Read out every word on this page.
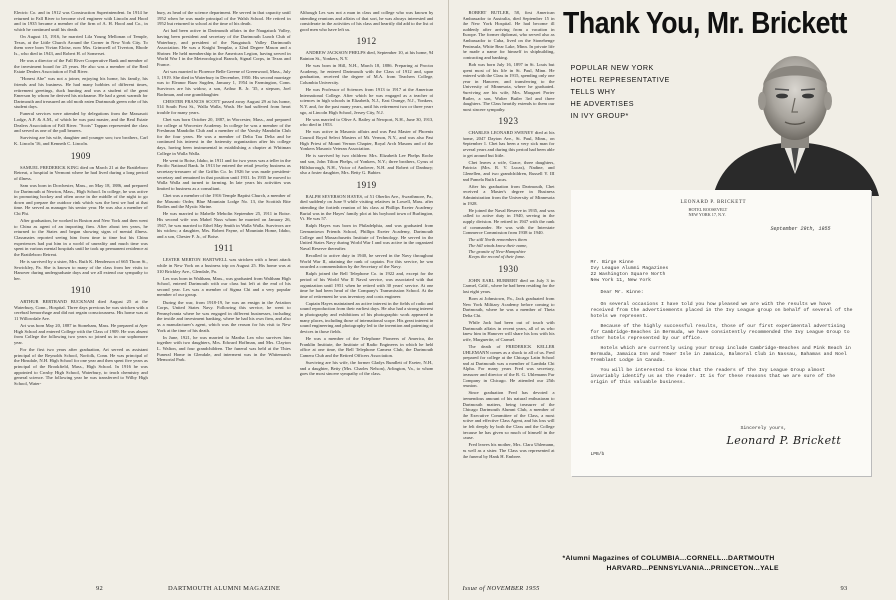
Electric Co. and in 1912 was Construction Superintendent. In 1914 he returned to Fall River to become civil engineer with Lincoln and Hood and in 1935 became a member of the firm of A. H. Hood and Co., in which he continued until his death.

On August 15, 1916, he married Lila Young Mellonan of Temple, Texas, at the Little Church Around the Corner in New York City. To them were born Vivian Eloise, now Mrs. Grimwell of Tiverton, Rhode Is., who died in 1943, and Robert H. of Somerset.

He was a director of the Fall River Cooperative Bank and member of the investment board for 25 years. He also was a member of the Real Estate Dealers Association of Fall River.

"Honest Abe" was not a joiner, enjoying his home, his family, his friends and his business. He had many hobbies of different times, retirement greetings, duck hunting and was a student of the great Emerson by whom he derived his nickname. He had a great warmth for Dartmouth and treasured an old moth eaten Dartmouth green robe of his student days.

Funeral services were attended by delegations from the Massasoit Lodge, A.F. & A.M., of which he was past master, and the Real Estate Dealers Association of Fall River. "Scots" Tappan represented the class and served as one of the pall bearers.

Surviving are his wife, daughter and younger son; two brothers, Carl K. Lincoln '16, and Kenneth C. Lincoln.

1909

SAMUEL FREDERICK KING died on March 21 at the Brattleboro Retreat, a hospital in Vermont where he had lived during a long period of illness.

Sam was born in Dorchester, Mass., on May 18, 1886, and prepared for Dartmouth at Newton, Mass., High School. In college, he was active in promoting hockey and often arose in the middle of the night to go down and prepare the outdoor rink which was the best we had at that time. He served as manager his senior year. He was also a member of Chi Phi.

After graduation, he worked in Boston and New York and then went to China as agent of an importing firm. After about ten years, he returned to the States and began showing signs of mental illness. Classmates reported seeing him from time to time but his China experiences had put him in a world of unreality and much time was spent in various mental hospitals until he took up permanent residence at the Brattleboro Retreat.

He is survived by a sister, Mrs. Ruth K. Henderson of 665 Thorn St., Sewickley, Pa. She is known to many of the class from her visits to Hanover during undergraduate days and we all extend our sympathy to her.

1910

ARTHUR BERTRAND BUCKNAM died August 25 at the Waterbury, Conn., Hospital. Three days previous he was stricken with a cerebral hemorrhage and did not regain consciousness. His home was at 11 Willowdale Ave.

Art was born May 20, 1887 in Stoneham, Mass. He prepared at Ayer High School and entered College with the Class of 1909. He was absent from College the following two years so joined us in our sophomore year.

For the first two years after graduation, Art served as assistant principal of the Reynolds School, Norfolk, Conn. He was principal of the Hinsdale, N.H. High School for one year and then spent five years as principal of the Brookfield, Mass., High School. In 1916 he was appointed to Crosby High School, Waterbury, to teach chemistry and general science. The following year he was transferred to Wilby High School, Water-

bury, as head of the science department. He served in that capacity until 1952 when he was made principal of the Walsh School. He retired in 1952 but returned to school at the time of his death.

Art had been active in Dartmouth affairs in the Naugatuck Valley, having been president and secretary of the Dartmouth Lunch Club of Waterbury, and president of the Naugatuck Valley Dartmouth Association. He was a Knight Templar, a 32nd Degree Mason and a Shriner. He held membership in the American Legion, having served in World War I in the Meteorological Branch, Signal Corps, in Texas and France.

Art was married to Florence Belle Greene of Greenwood, Mass., July 1, 1919. She died in Waterbury in December, 1950. His second marriage was to Eleanor Bazo Sugden, January 1, 1954 in Farmington, Conn. Survivors are his widow, a son, Arthur B. Jr. '35, a stepson, Joel Bachman, and one granddaughter.

CHESTER FRANCIS SCOTT passed away August 29 at his home, 514 South First St., Walla Walla, Wash. He had suffered from heart trouble for many years.

Chet was born October 20, 1887, in Worcester, Mass., and prepared for college at Worcester Academy. In college he was a member of the Freshman Mandolin Club and a member of the Varsity Mandolin Club for the four years. He was a member of Delta Tau Delta and he continued his interest in the fraternity organization after his college days, having been instrumental in establishing a chapter at Whitman College in Walla Walla.

He went to Boise, Idaho, in 1911 and for two years was a teller in the Pacific National Bank. In 1913 he entered the retail jewelry business as secretary-treasurer of the Griffin Co. In 1926 he was made president-secretary and remained in that position until 1931. In 1935 he moved to Walla Walla and turned to farming. In late years his activities was limited to business as a consultant.

Chet was a member of the 1916 Temple Baptist Church, a member of the Masonic Order, Blue Mountain Lodge No. 13, the Scottish Rite Bodies and the Mystic Shrine.

He was married to Mabelle Mebolin September 25, 1911 in Boise. His second wife was Mabel Nuss whom he married on January 26, 1947, he was married to Ethel May Smith in Walla Walla. Survivors are his widow; a daughter, Mrs. Robert Payne, of Mountain Home, Idaho, and a son, Chester F. Jr., of Boise.

1911

LESTER MERTON HARTWELL was stricken with a heart attack while in New York on a business trip on August 25. His home was at 310 Brickley Ave., Glendale, Pa.

Les was born in Waltham, Mass., was graduated from Waltham High School, entered Dartmouth with our class but left at the end of his second year. Les was a member of Sigma Chi and a very popular member of our group.

During the war, from 1918-19, he was an ensign in the Aviation Corps, United States Navy. Following this service, he went to Pennsylvania where he was engaged in different businesses, including the textile and investment banking, where he had his own firm, and also as a manufacturer's agent, which was the reason for his visit to New York at the time of his death.

In June, 1921, he was married to Martha Lea who survives him together with two daughters, Mrs. Edward Hoffman, and Mrs. Clayton L. Walton, and four grandchildren. The funeral was held at the Thies Funeral Home in Glendale, and interment was in the Whitemarsh Memorial Park.

Although Les was not a man in class and college who was known by attending reunions and affairs of that sort, he was always interested and considerate in the activities of his class and heartily did add to the list of good men who have left us.

1912

ANDREW JACKSON PHELPS died, September 10, at his home, 94 Bainton St., Yonkers, N.Y.

He was born in Hill, N.H., March 18, 1886. Preparing at Proctor Academy, he entered Dartmouth with the Class of 1912 and, upon graduation, received the degree of M.A. from Teachers College, Columbia University.

He was Professor of Sciences from 1913 to 1917 at the American International College. After which he was engaged as a teacher of sciences in high schools in Elizabeth, N.J., East Orange, N.J., Yonkers, N.Y. and, for the past many years, until his retirement two or three years ago, at Lincoln High School, Jersey City, N.J.

He was married to Olive A. Bailey at Newport, N.H., June 30, 1913, who died in 1953.

He was active in Masonic affairs and was Past Master of Phoenix Council Royal Select Masters of Mt. Vernon, N.Y., and was also Past High Priest of Mount Vernon Chapter, Royal Arch Masons and of the Yonkers Masonic Veteran Association.

He is survived by two children: Mrs. Elizabeth Lee Phelps Roche and son, John Tilton Phelps, of Yonkers, N.Y.; three brothers, Cyrus of Hillsborough, N.H., Victor of Andover, N.H. and Robert of Danbury; also a foster daughter, Mrs. Betty G. Bubier.

1919

RALPH SEVERSON HAYES, of 51 Oberlin Ave., Swarthmore, Pa., died suddenly on June 9 while visiting relatives in Lowell, Mass. after attending the fortieth reunion of his class at Phillips Exeter Academy. Burial was in the Hayes' family plot at his boyhood town of Burlington, Vt. He was 57.

Ralph Hayes was born in Philadelphia, and was graduated from Germantown Friends School, Phillips Exeter Academy, Dartmouth College and Massachusetts Institute of Technology. He served in the United States Navy during World War I and was active in the organized Naval Reserve thereafter.

Recalled to active duty in 1940, he served in the Navy throughout World War II, attaining the rank of captain. For this service, he was awarded a commendation by the Secretary of the Navy.

Ralph joined the Bell Telephone Co. in 1922 and, except for the period of his World War II Naval service, was associated with that organization until 1951 when he retired with 30 years' service. At one time he had been head of the Company's Transmission School. At the time of retirement he was inventory and costs engineer.

Captain Hayes maintained an active interest in the fields of radio and sound reproduction from their earliest days. He also had a strong interest in photography and exhibitions of his photographic work appeared in many places, including those of international scope. His great interest in sound engineering and photography led to the invention and patenting of devices in those fields.

He was a member of the Telephone Pioneers of America, the Franklin Institute, the Institute of Radio Engineers in which he held office at one time, the Bell Telephone Camera Club, the Dartmouth Camera Club and the Retired Officers Association.

Surviving are his wife, the former Gladys Rundlett of Exeter, N.H., and a daughter, Betty (Mrs. Charles Nelson), Arlington, Va., to whom goes the most sincere sympathy of the class.

92	DARTMOUTH ALUMNI MAGAZINE

ROBERT BUTLER, 58, first American Ambassador to Australia, died September 15 in the New York Hospital. He had become ill suddenly after arriving from a vacation in Europe. The former diplomat, who served also as Ambassador to Cuba, lived on the Stonehenge Peninsula, White Bear Lake, Minn. In private life he made a name for himself in shipbuilding, contracting and banking.

Bob was born July 16, 1897 in St. Louis but spent most of his life in St. Paul, Minn. He entered with the Class in 1915, spending only one year in Hanover, and transferring to the University of Minnesota, where he graduated. Surviving are his wife, Mrs. Margaret Porter Butler, a son, Walter Butler 3rd and three daughters. The Class heartily extends to them our most sincere sympathy.

1923

CHARLES LEONARD SWENEY died at his home, 2047 Dayton Ave., St. Paul, Minn., on September 1. Chet has been a very sick man for several years and during this period had been able to get around but little.

Chet leaves a wife, Grace, three daughters, Patricia (Mrs. R. V. Lucas), Nadine, and Glenellen, and two grandchildren, Russell Y. III and Pamela Ruth Lucas.

After his graduation from Dartmouth, Chet received a Master's degree in Business Administration from the University of Minnesota in 1928.

He joined the Naval Reserve in 1935, and was called to active duty in 1940, serving in the supply division. He retired in 1947 with the rank of commander. He was with the Interstate Commerce Commission from 1938 to 1940.

The still North remembers them
The hill winds know their name,
The granite of New-Hampshire
Keeps the record of their fame.

1930

JOHN EARL HURBERT died on July 3 in Carmel, Calif., where he had been residing for the last eight years.

Born at Johnstown, Pa., Jack graduated from New York Military Academy before coming to Dartmouth, where he was a member of Theta Delta Chi.

While Jack had been out of touch with Dartmouth affairs in recent years, all of us who knew him in Hanover will share his loss with his wife, Marguerite, of Carmel.

The death of FREDERICK KELLER UHLEMANN comes as a shock to all of us. Fred prepared for college at the Chicago Latin School and at Dartmouth was a member of Lambda Chi Alpha. For many years Fred was secretary, treasurer and director of the R. G. Uhlemann Fur Company in Chicago. He attended our 25th reunion.

Since graduation Fred has devoted a tremendous amount of his natural enthusiasm to Dartmouth matters, being treasurer of the Chicago Dartmouth Alumni Club, a member of the Executive Committee of the Class, a most active and effective Class Agent, and his loss will be felt deeply by both the Class and the College because he has given so much of himself in the cause.

Fred leaves his mother, Mrs. Clara Uhlemann, as well as a sister. The Class was represented at the funeral by Hank H. Embree.

Thank You, Mr. Brickett
POPULAR NEW YORK
HOTEL REPRESENTATIVE
TELLS WHY
HE ADVERTISES
IN IVY GROUP*
LEONARD P. BRICKETT
HOTEL ROOSEVELT
NEW YORK 17, N.Y.
September 29th, 1955
Mr. Birge Kinne
Ivy League Alumni Magazines
22 Washington Square North
New York 11, New York
Dear Mr. Kinne:

On several occasions I have told you how pleased we are with the results we have received from the advertisements placed in the Ivy League group on behalf of several of the hotels we represent.

Because of the highly successful results, those of our first experimental advertising for Cambridge-Beaches in Bermuda, we have consistently recommended the Ivy League Group to other hotels represented by our office.

Hotels which are currently using your Group include Cambridge-Beaches and Pink Beach in Bermuda, Jamaica Inn and Tower Isle in Jamaica, Balmoral Club in Nassau, Bahamas and Noel Tremblant Lodge in Canada.

You will be interested to know that the readers of the Ivy League Group almost invariably identify us as the reader. It is for these reasons that we are sure of the origin of this valuable business.

Sincerely yours,
Leonard P. Brickett
LPB/b
*Alumni Magazines of COLUMBIA...CORNELL...DARTMOUTH
HARVARD...PENNSYLVANIA...PRINCETON...YALE
Issue of NOVEMBER 1955	93
